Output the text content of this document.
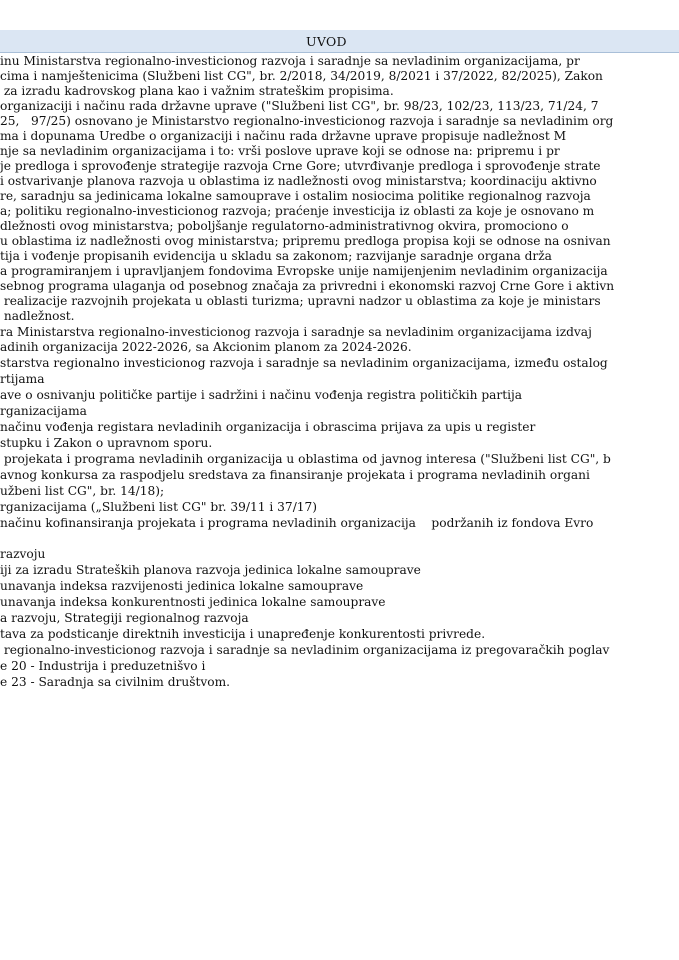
UVOD
inu Ministarstva regionalno-investicionog razvoja i saradnje sa nevladinim organizacijama, pr
cima i namještenicima (Službeni list CG", br. 2/2018, 34/2019, 8/2021 i 37/2022, 82/2025), Zakon
za izradu kadrovskog plana kao i važnim strateškim propisima.
organizaciji i načinu rada državne uprave ("Službeni list CG", br. 98/23, 102/23, 113/23, 71/24, 7
25,   97/25) osnovano je Ministarstvo regionalno-investicionog razvoja i saradnje sa nevladinim org
ma i dopunama Uredbe o organizaciji i načinu rada državne uprave propisuje nadležnost M
nje sa nevladinim organizacijama i to: vrši poslove uprave koji se odnose na: pripremu i pr
je predloga i sprovođenje strategije razvoja Crne Gore; utvrđivanje predloga i sprovođenje strate
i ostvarivanje planova razvoja u oblastima iz nadležnosti ovog ministarstva; koordinaciju aktivno
re, saradnju sa jedinicama lokalne samouprave i ostalim nosiocima politike regionalnog razvoja
a; politiku regionalno-investicionog razvoja; praćenje investicija iz oblasti za koje je osnovano m
dležnosti ovog ministarstva; poboljšanje regulatorno-administrativnog okvira, promociono o
u oblastima iz nadležnosti ovog ministarstva; pripremu predloga propisa koji se odnose na osnivan
tija i vođenje propisanih evidencija u skladu sa zakonom; razvijanje saradnje organa drža
a programiranjem i upravljanjem fondovima Evropske unije namijenjenim nevladinim organizacija
sebnog programa ulaganja od posebnog značaja za privredni i ekonomski razvoj Crne Gore i aktivn
realizacije razvojnih projekata u oblasti turizma; upravni nadzor u oblastima za koje je ministars
nadležnost.
ra Ministarstva regionalno-investicionog razvoja i saradnje sa nevladinim organizacijama izdvaj
adinih organizacija 2022-2026, sa Akcionim planom za 2024-2026.
starstva regionalno investicionog razvoja i saradnje sa nevladinim organizacijama, između ostalog
rtijama
ave o osnivanju političke partije i sadržini i načinu vođenja registra političkih partija
rganizacijama
načinu vođenja registara nevladinih organizacija i obrascima prijava za upis u register
stupku i Zakon o upravnom sporu.
projekata i programa nevladinih organizacija u oblastima od javnog interesa ("Službeni list CG", b
avnog konkursa za raspodjelu sredstava za finansiranje projekata i programa nevladinih organi
užbeni list CG", br. 14/18);
rganizacijama („Službeni list CG" br. 39/11 i 37/17)
načinu kofinansiranja projekata i programa nevladinih organizacija    podržanih iz fondova Evro
razvoju
iji za izradu Strateških planova razvoja jedinica lokalne samouprave
unavanja indeksa razvijenosti jedinica lokalne samouprave
unavanja indeksa konkurentnosti jedinica lokalne samouprave
a razvoju, Strategiji regionalnog razvoja
tava za podsticanje direktnih investicija i unapređenje konkurentosti privrede.
regionalno-investicionog razvoja i saradnje sa nevladinim organizacijama iz pregovaračkih poglav
e 20 - Industrija i preduzetnišvo i
e 23 - Saradnja sa civilnim društvom.
